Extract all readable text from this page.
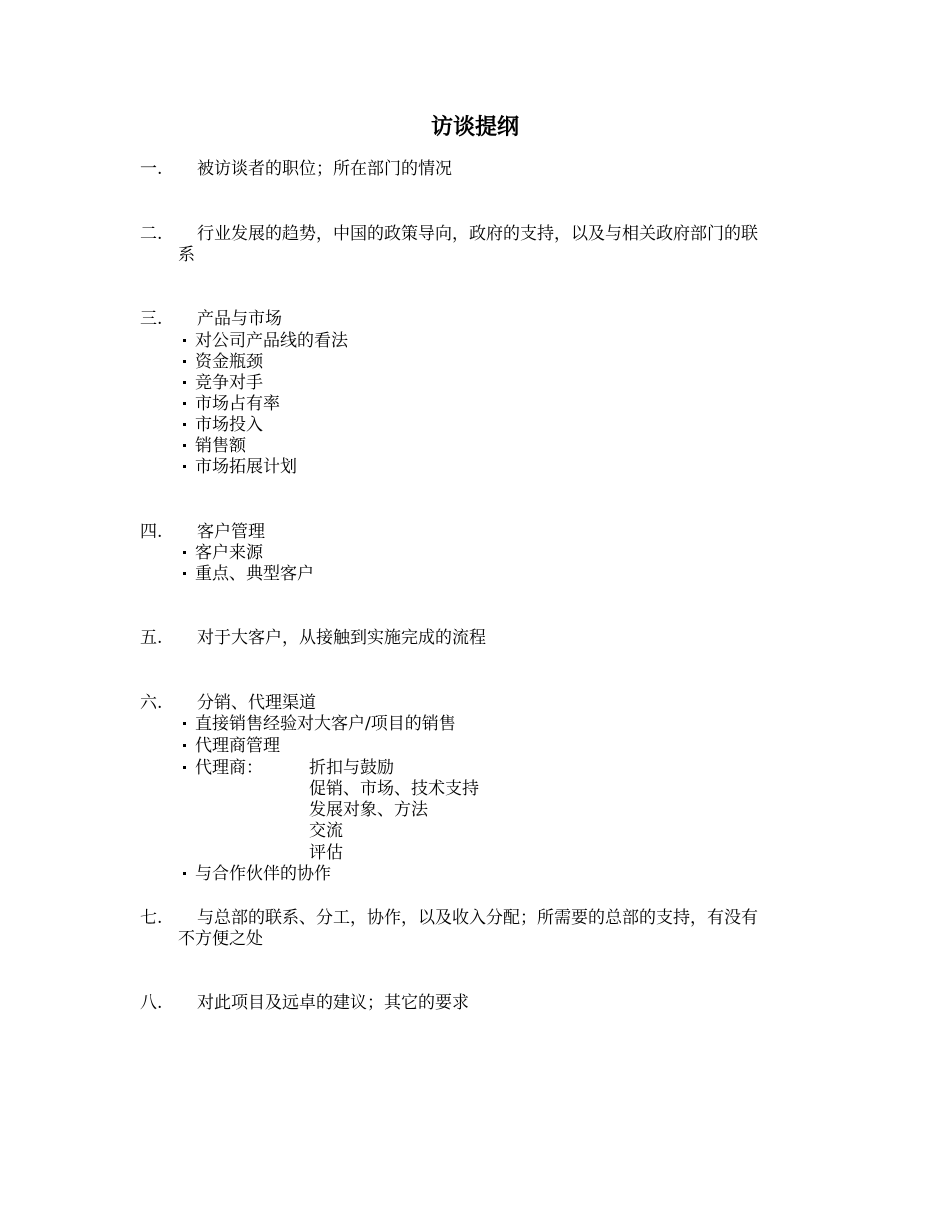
访谈提纲
一. 被访谈者的职位；所在部门的情况
二. 行业发展的趋势，中国的政策导向，政府的支持，以及与相关政府部门的联
系
三. 产品与市场
对公司产品线的看法
资金瓶颈
竞争对手
市场占有率
市场投入
销售额
市场拓展计划
四. 客户管理
客户来源
重点、典型客户
五. 对于大客户，从接触到实施完成的流程
六. 分销、代理渠道
直接销售经验对大客户/项目的销售
代理商管理
代理商：	折扣与鼓励
促销、市场、技术支持
发展对象、方法
交流
评估
与合作伙伴的协作
七. 与总部的联系、分工，协作，以及收入分配；所需要的总部的支持，有没有
不方便之处
八. 对此项目及远卓的建议；其它的要求
